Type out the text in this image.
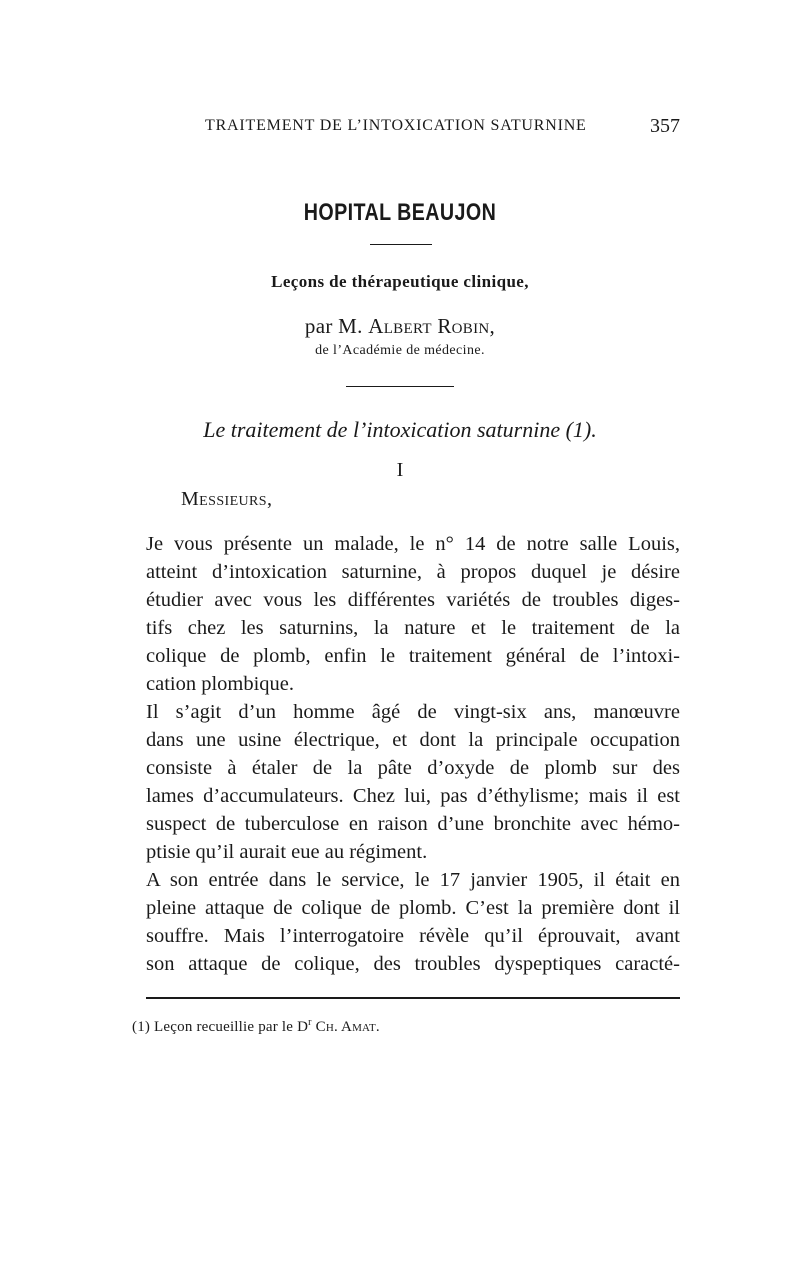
TRAITEMENT DE L’INTOXICATION SATURNINE	357
HOPITAL BEAUJON
Leçons de thérapeutique clinique,
par M. Albert Robin,
de l’Académie de médecine.
Le traitement de l’intoxication saturnine (1).
I
Messieurs,
Je vous présente un malade, le n° 14 de notre salle Louis,
atteint d’intoxication saturnine, à propos duquel je désire
étudier avec vous les différentes variétés de troubles diges-
tifs chez les saturnins, la nature et le traitement de la
colique de plomb, enfin le traitement général de l’intoxi-
cation plombique.
Il s’agit d’un homme âgé de vingt-six ans, manœuvre
dans une usine électrique, et dont la principale occupation
consiste à étaler de la pâte d’oxyde de plomb sur des
lames d’accumulateurs. Chez lui, pas d’éthylisme; mais il est
suspect de tuberculose en raison d’une bronchite avec hémo-
ptisie qu’il aurait eue au régiment.
A son entrée dans le service, le 17 janvier 1905, il était en
pleine attaque de colique de plomb. C’est la première dont il
souffre. Mais l’interrogatoire révèle qu’il éprouvait, avant
son attaque de colique, des troubles dyspeptiques caracté-
(1) Leçon recueillie par le $D^r$ Ch. Amat.
